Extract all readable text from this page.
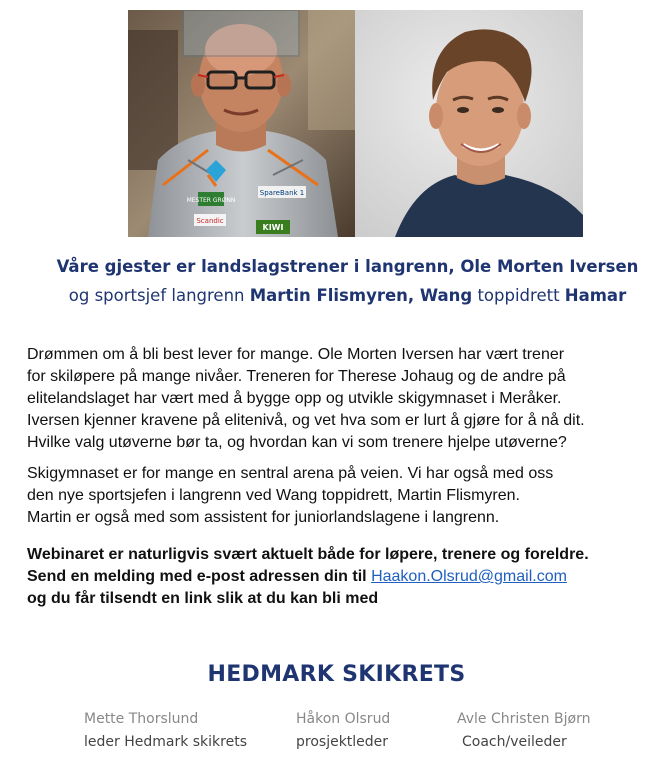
MESTER GRØNN
SpareBank 1
Scandic
KIWI
Våre gjester er landslagstrener i langrenn, Ole Morten Iversen
og sportsjef langrenn Martin Flismyren, Wang toppidrett Hamar

Drømmen om å bli best lever for mange. Ole Morten Iversen har vært trener
for skiløpere på mange nivåer. Treneren for Therese Johaug og de andre på
elitelandslaget har vært med å bygge opp og utvikle skigymnaset i Meråker.
Iversen kjenner kravene på elitenivå, og vet hva som er lurt å gjøre for å nå dit.
Hvilke valg utøverne bør ta, og hvordan kan vi som trenere hjelpe utøverne?

Skigymnaset er for mange en sentral arena på veien. Vi har også med oss
den nye sportsjefen i langrenn ved Wang toppidrett, Martin Flismyren.
Martin er også med som assistent for juniorlandslagene i langrenn.

Webinaret er naturligvis svært aktuelt både for løpere, trenere og foreldre.
Send en melding med e-post adressen din til Haakon.Olsrud@gmail.com
og du får tilsendt en link slik at du kan bli med

HEDMARK SKIKRETS
Mette Thorslund
leder Hedmark skikrets
Håkon Olsrud
prosjektleder
Avle Christen Bjørn
Coach/veileder
